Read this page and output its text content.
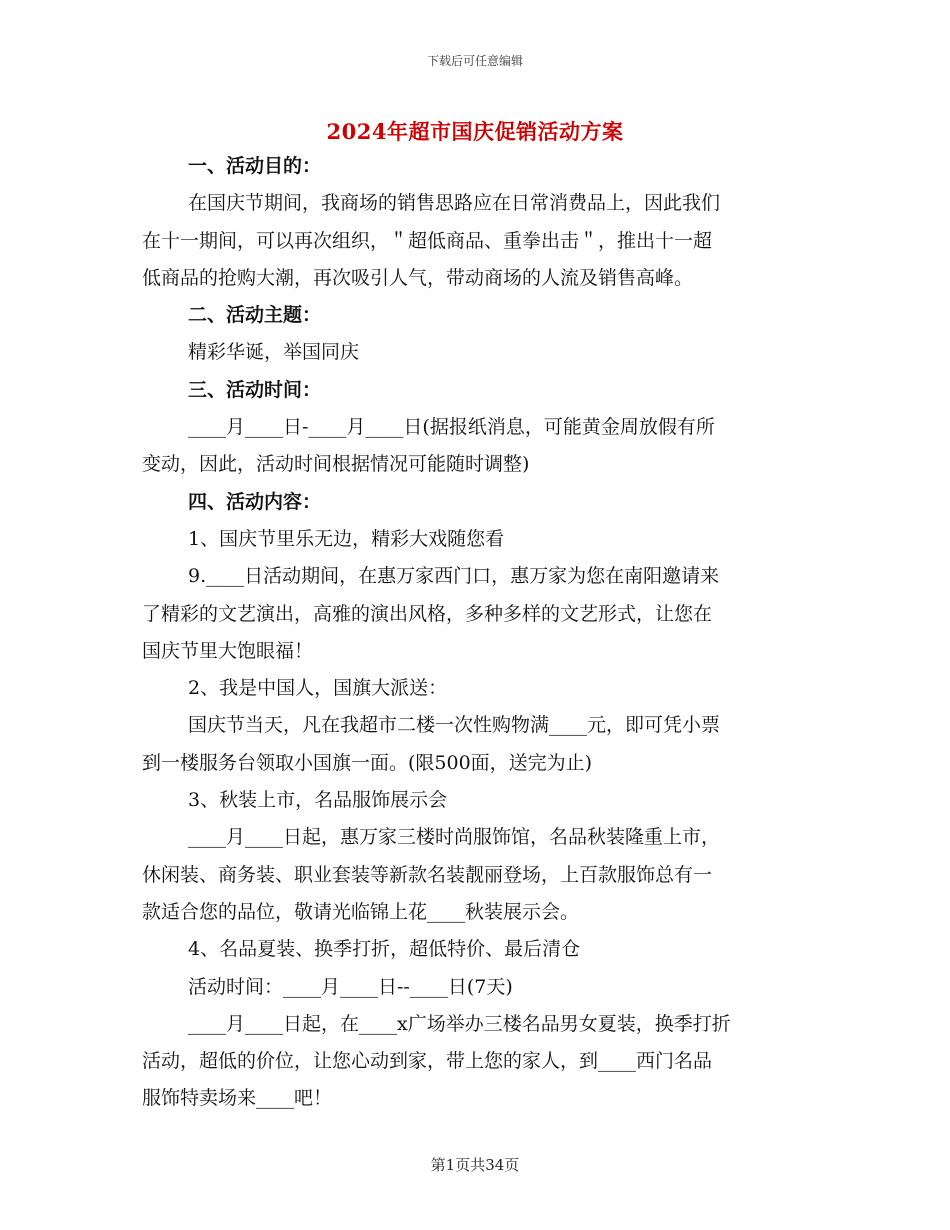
下载后可任意编辑
2024年超市国庆促销活动方案
一、活动目的：
在国庆节期间，我商场的销售思路应在日常消费品上，因此我们
在十一期间，可以再次组织，＂超低商品、重拳出击＂，推出十一超
低商品的抢购大潮，再次吸引人气，带动商场的人流及销售高峰。
二、活动主题：
精彩华诞，举国同庆
三、活动时间：
____月____日-____月____日(据报纸消息，可能黄金周放假有所
变动，因此，活动时间根据情况可能随时调整)
四、活动内容：
1、国庆节里乐无边，精彩大戏随您看
9.____日活动期间，在惠万家西门口，惠万家为您在南阳邀请来
了精彩的文艺演出，高雅的演出风格，多种多样的文艺形式，让您在
国庆节里大饱眼福！
2、我是中国人，国旗大派送：
国庆节当天，凡在我超市二楼一次性购物满____元，即可凭小票
到一楼服务台领取小国旗一面。(限500面，送完为止)
3、秋装上市，名品服饰展示会
____月____日起，惠万家三楼时尚服饰馆，名品秋装隆重上市，
休闲装、商务装、职业套装等新款名装靓丽登场，上百款服饰总有一
款适合您的品位，敬请光临锦上花____秋装展示会。
4、名品夏装、换季打折，超低特价、最后清仓
活动时间：____月____日--____日(7天)
____月____日起，在____x广场举办三楼名品男女夏装，换季打折
活动，超低的价位，让您心动到家，带上您的家人，到____西门名品
服饰特卖场来____吧！
第1页共34页
